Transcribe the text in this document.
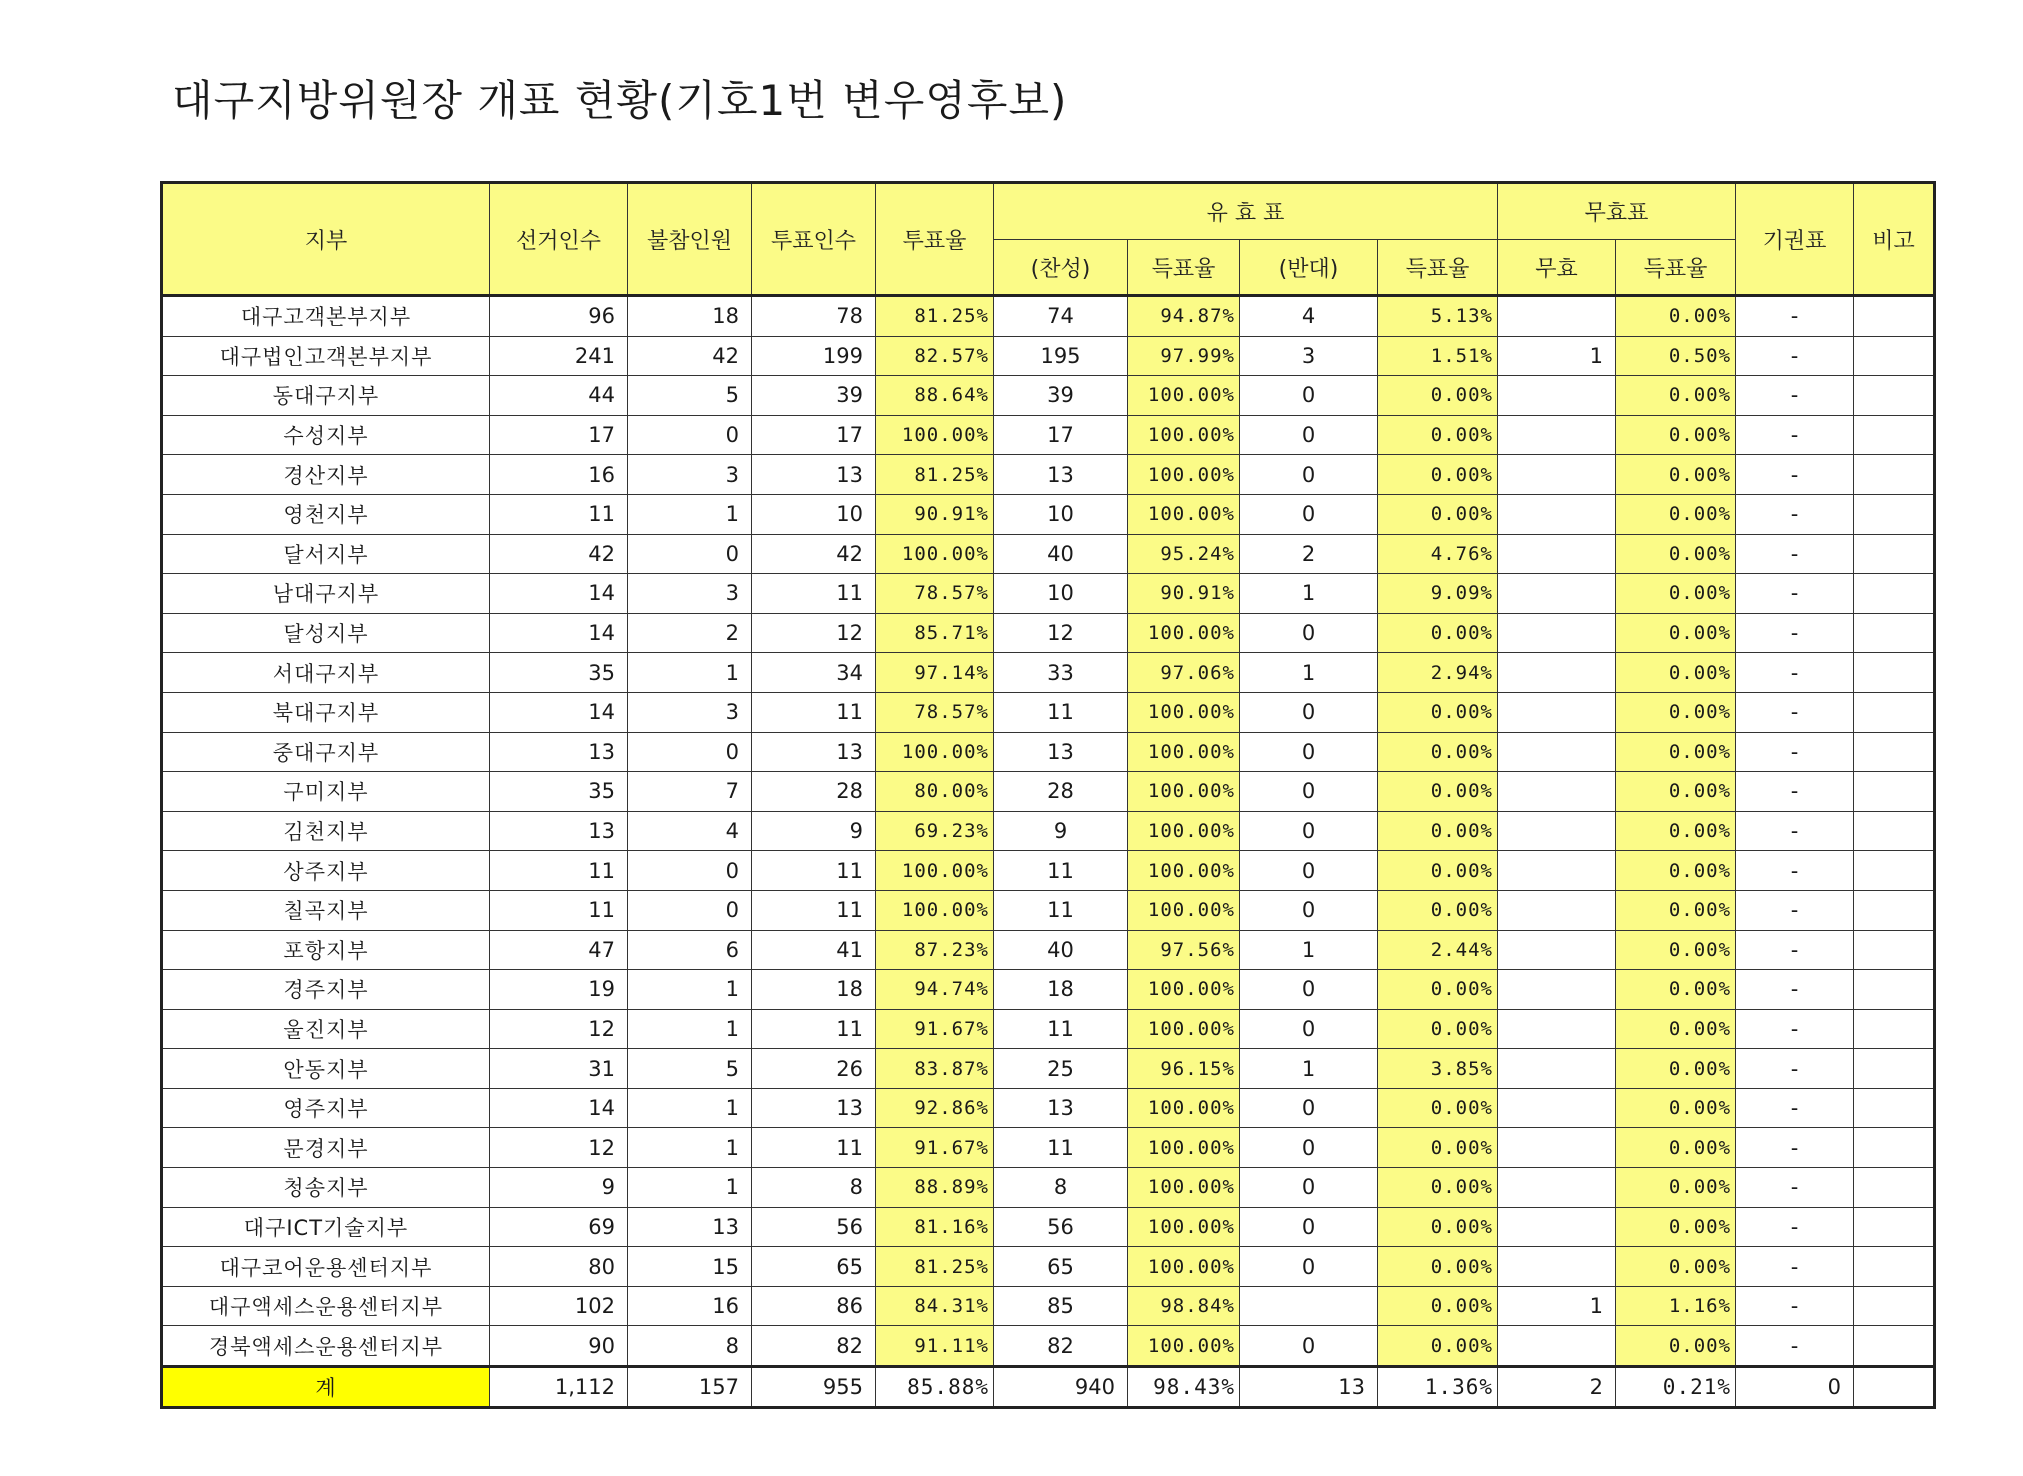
대구지방위원장 개표 현황(기호1번 변우영후보)
지부	선거인수	불참인원	투표인수	투표율	유 효 표				무효표		기권표	비고
					(찬성)	득표율	(반대)	득표율	무효	득표율		
대구고객본부지부	96	18	78	81.25%	74	94.87%	4	5.13%		0.00%	-	
대구법인고객본부지부	241	42	199	82.57%	195	97.99%	3	1.51%	1	0.50%	-	
동대구지부	44	5	39	88.64%	39	100.00%	0	0.00%		0.00%	-	
수성지부	17	0	17	100.00%	17	100.00%	0	0.00%		0.00%	-	
경산지부	16	3	13	81.25%	13	100.00%	0	0.00%		0.00%	-	
영천지부	11	1	10	90.91%	10	100.00%	0	0.00%		0.00%	-	
달서지부	42	0	42	100.00%	40	95.24%	2	4.76%		0.00%	-	
남대구지부	14	3	11	78.57%	10	90.91%	1	9.09%		0.00%	-	
달성지부	14	2	12	85.71%	12	100.00%	0	0.00%		0.00%	-	
서대구지부	35	1	34	97.14%	33	97.06%	1	2.94%		0.00%	-	
북대구지부	14	3	11	78.57%	11	100.00%	0	0.00%		0.00%	-	
중대구지부	13	0	13	100.00%	13	100.00%	0	0.00%		0.00%	-	
구미지부	35	7	28	80.00%	28	100.00%	0	0.00%		0.00%	-	
김천지부	13	4	9	69.23%	9	100.00%	0	0.00%		0.00%	-	
상주지부	11	0	11	100.00%	11	100.00%	0	0.00%		0.00%	-	
칠곡지부	11	0	11	100.00%	11	100.00%	0	0.00%		0.00%	-	
포항지부	47	6	41	87.23%	40	97.56%	1	2.44%		0.00%	-	
경주지부	19	1	18	94.74%	18	100.00%	0	0.00%		0.00%	-	
울진지부	12	1	11	91.67%	11	100.00%	0	0.00%		0.00%	-	
안동지부	31	5	26	83.87%	25	96.15%	1	3.85%		0.00%	-	
영주지부	14	1	13	92.86%	13	100.00%	0	0.00%		0.00%	-	
문경지부	12	1	11	91.67%	11	100.00%	0	0.00%		0.00%	-	
청송지부	9	1	8	88.89%	8	100.00%	0	0.00%		0.00%	-	
대구ICT기술지부	69	13	56	81.16%	56	100.00%	0	0.00%		0.00%	-	
대구코어운용센터지부	80	15	65	81.25%	65	100.00%	0	0.00%		0.00%	-	
대구액세스운용센터지부	102	16	86	84.31%	85	98.84%		0.00%	1	1.16%	-	
경북액세스운용센터지부	90	8	82	91.11%	82	100.00%	0	0.00%		0.00%	-	
계	1,112	157	955	85.88%	940	98.43%	13	1.36%	2	0.21%	0	
